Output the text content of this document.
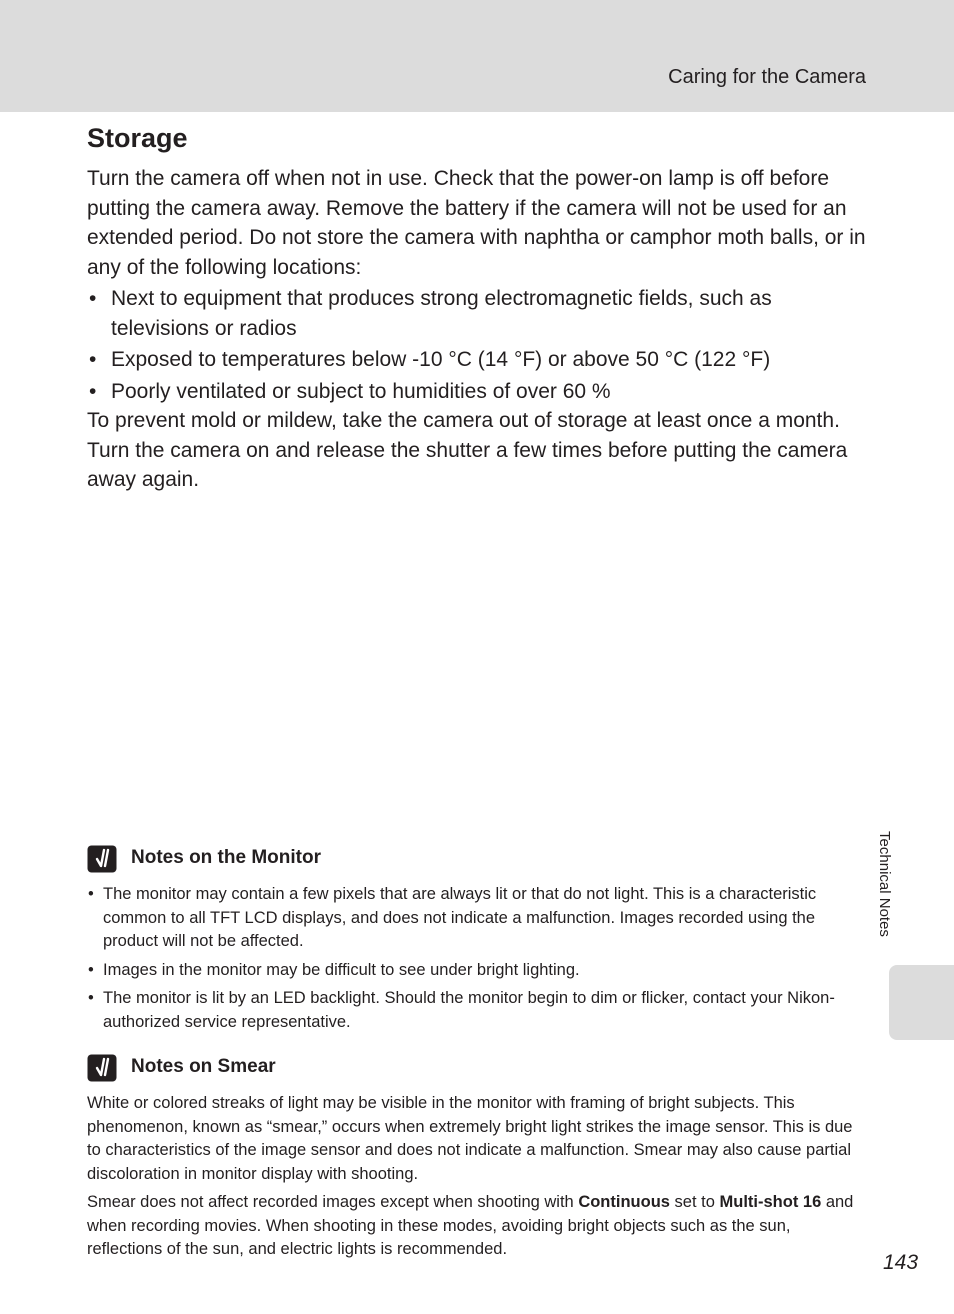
Caring for the Camera
Technical Notes
Storage

Turn the camera off when not in use. Check that the power-on lamp is off before putting the camera away. Remove the battery if the camera will not be used for an extended period. Do not store the camera with naphtha or camphor moth balls, or in any of the following locations:

• Next to equipment that produces strong electromagnetic fields, such as televisions or radios
• Exposed to temperatures below -10 °C (14 °F) or above 50 °C (122 °F)
• Poorly ventilated or subject to humidities of over 60 %

To prevent mold or mildew, take the camera out of storage at least once a month. Turn the camera on and release the shutter a few times before putting the camera away again.

Notes on the Monitor
• The monitor may contain a few pixels that are always lit or that do not light. This is a characteristic common to all TFT LCD displays, and does not indicate a malfunction. Images recorded using the product will not be affected.
• Images in the monitor may be difficult to see under bright lighting.
• The monitor is lit by an LED backlight. Should the monitor begin to dim or flicker, contact your Nikon-authorized service representative.
Notes on Smear

White or colored streaks of light may be visible in the monitor with framing of bright subjects. This phenomenon, known as “smear,” occurs when extremely bright light strikes the image sensor. This is due to characteristics of the image sensor and does not indicate a malfunction. Smear may also cause partial discoloration in monitor display with shooting.

Smear does not affect recorded images except when shooting with Continuous set to Multi-shot 16 and when recording movies. When shooting in these modes, avoiding bright objects such as the sun, reflections of the sun, and electric lights is recommended.

143
